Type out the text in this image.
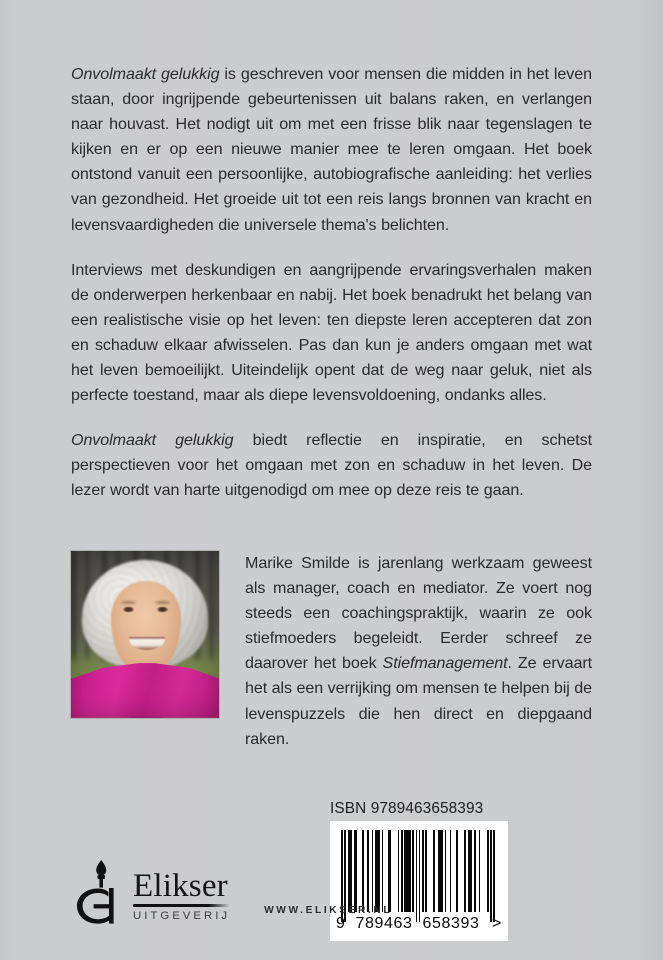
Onvolmaakt gelukkig is geschreven voor mensen die midden in het leven staan, door ingrijpende gebeurtenissen uit balans raken, en verlangen naar houvast. Het nodigt uit om met een frisse blik naar tegenslagen te kijken en er op een nieuwe manier mee te leren omgaan. Het boek ontstond vanuit een persoonlijke, autobiografische aanleiding: het verlies van gezondheid. Het groeide uit tot een reis langs bronnen van kracht en levensvaardigheden die universele thema's belichten.

Interviews met deskundigen en aangrijpende ervaringsverhalen maken de onderwerpen herkenbaar en nabij. Het boek benadrukt het belang van een realistische visie op het leven: ten diepste leren accepteren dat zon en schaduw elkaar afwisselen. Pas dan kun je anders omgaan met wat het leven bemoeilijkt. Uiteindelijk opent dat de weg naar geluk, niet als perfecte toestand, maar als diepe levensvoldoening, ondanks alles.

Onvolmaakt gelukkig biedt reflectie en inspiratie, en schetst perspectieven voor het omgaan met zon en schaduw in het leven. De lezer wordt van harte uitgenodigd om mee op deze reis te gaan.

Marike Smilde is jarenlang werkzaam geweest als manager, coach en mediator. Ze voert nog steeds een coachingspraktijk, waarin ze ook stiefmoeders begeleidt. Eerder schreef ze daarover het boek Stiefmanagement. Ze ervaart het als een verrijking om mensen te helpen bij de levenspuzzels die hen direct en diepgaand raken.
ISBN 9789463658393
9 789463 658393 >
Elikser
UITGEVERIJ	WWW.ELIKSER.NL
